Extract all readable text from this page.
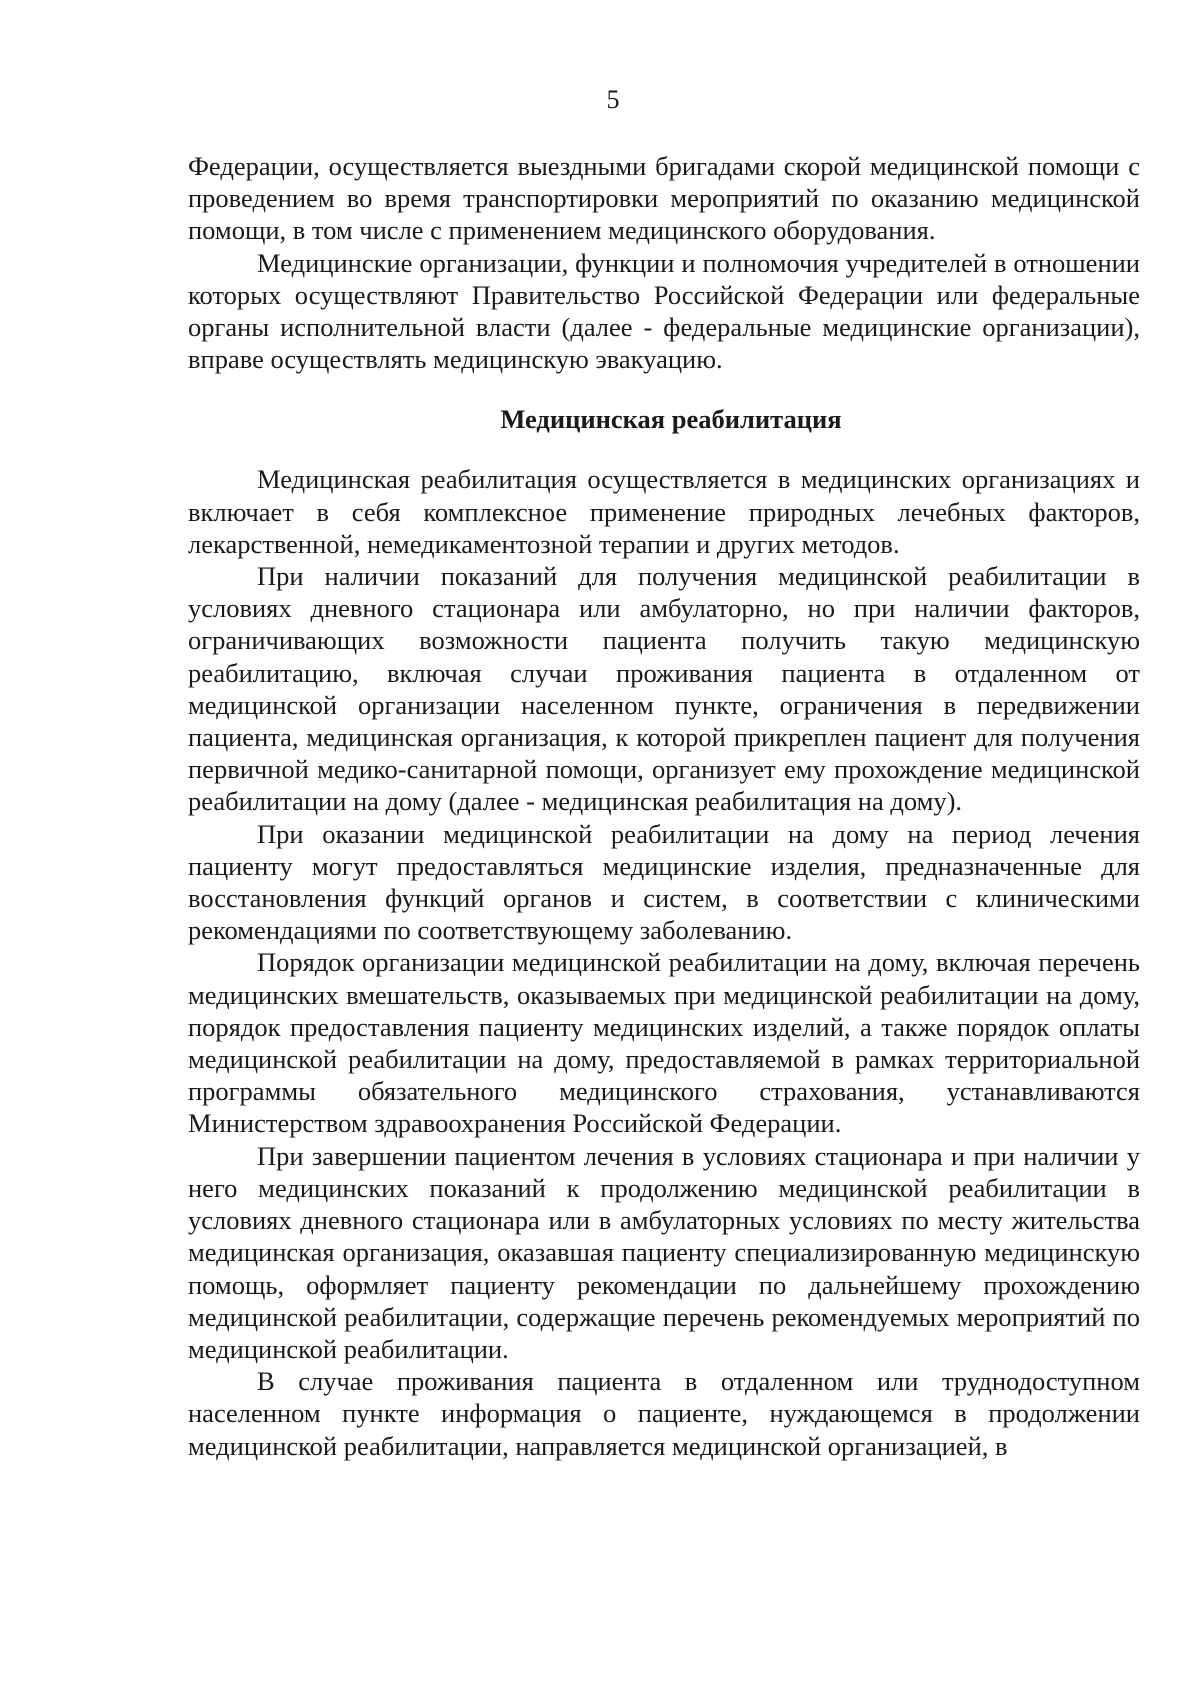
5

Федерации, осуществляется выездными бригадами скорой медицинской помощи с проведением во время транспортировки мероприятий по оказанию медицинской помощи, в том числе с применением медицинского оборудования.

Медицинские организации, функции и полномочия учредителей в отношении которых осуществляют Правительство Российской Федерации или федеральные органы исполнительной власти (далее - федеральные медицинские организации), вправе осуществлять медицинскую эвакуацию.

Медицинская реабилитация

Медицинская реабилитация осуществляется в медицинских организациях и включает в себя комплексное применение природных лечебных факторов, лекарственной, немедикаментозной терапии и других методов.

При наличии показаний для получения медицинской реабилитации в условиях дневного стационара или амбулаторно, но при наличии факторов, ограничивающих возможности пациента получить такую медицинскую реабилитацию, включая случаи проживания пациента в отдаленном от медицинской организации населенном пункте, ограничения в передвижении пациента, медицинская организация, к которой прикреплен пациент для получения первичной медико-санитарной помощи, организует ему прохождение медицинской реабилитации на дому (далее - медицинская реабилитация на дому).

При оказании медицинской реабилитации на дому на период лечения пациенту могут предоставляться медицинские изделия, предназначенные для восстановления функций органов и систем, в соответствии с клиническими рекомендациями по соответствующему заболеванию.

Порядок организации медицинской реабилитации на дому, включая перечень медицинских вмешательств, оказываемых при медицинской реабилитации на дому, порядок предоставления пациенту медицинских изделий, а также порядок оплаты медицинской реабилитации на дому, предоставляемой в рамках территориальной программы обязательного медицинского страхования, устанавливаются Министерством здравоохранения Российской Федерации.

При завершении пациентом лечения в условиях стационара и при наличии у него медицинских показаний к продолжению медицинской реабилитации в условиях дневного стационара или в амбулаторных условиях по месту жительства медицинская организация, оказавшая пациенту специализированную медицинскую помощь, оформляет пациенту рекомендации по дальнейшему прохождению медицинской реабилитации, содержащие перечень рекомендуемых мероприятий по медицинской реабилитации.

В случае проживания пациента в отдаленном или труднодоступном населенном пункте информация о пациенте, нуждающемся в продолжении медицинской реабилитации, направляется медицинской организацией, в
